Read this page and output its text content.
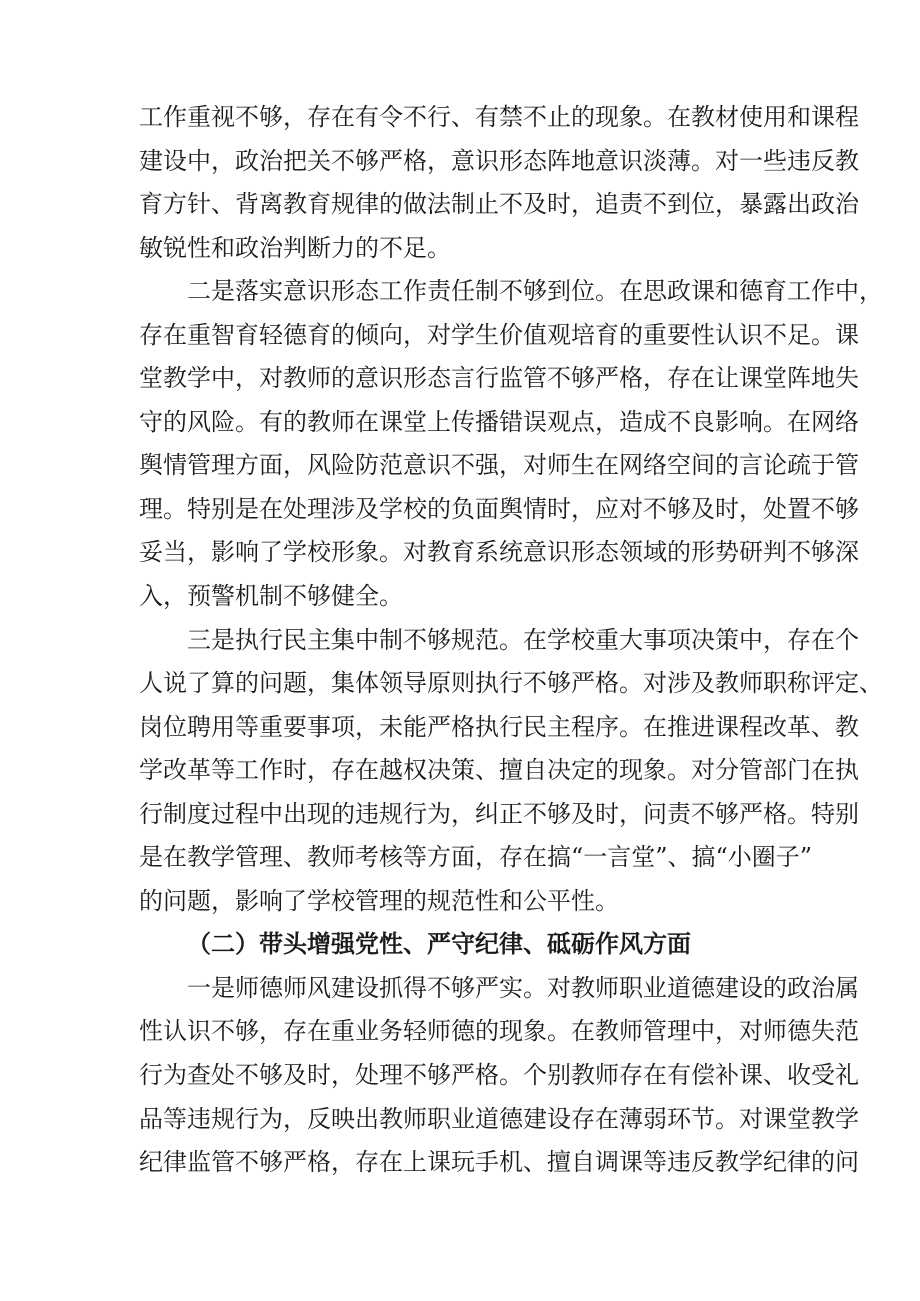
工作重视不够，存在有令不行、有禁不止的现象。在教材使用和课程
建设中，政治把关不够严格，意识形态阵地意识淡薄。对一些违反教
育方针、背离教育规律的做法制止不及时，追责不到位，暴露出政治
敏锐性和政治判断力的不足。
二是落实意识形态工作责任制不够到位。在思政课和德育工作中，
存在重智育轻德育的倾向，对学生价值观培育的重要性认识不足。课
堂教学中，对教师的意识形态言行监管不够严格，存在让课堂阵地失
守的风险。有的教师在课堂上传播错误观点，造成不良影响。在网络
舆情管理方面，风险防范意识不强，对师生在网络空间的言论疏于管
理。特别是在处理涉及学校的负面舆情时，应对不够及时，处置不够
妥当，影响了学校形象。对教育系统意识形态领域的形势研判不够深
入，预警机制不够健全。
三是执行民主集中制不够规范。在学校重大事项决策中，存在个
人说了算的问题，集体领导原则执行不够严格。对涉及教师职称评定、
岗位聘用等重要事项，未能严格执行民主程序。在推进课程改革、教
学改革等工作时，存在越权决策、擅自决定的现象。对分管部门在执
行制度过程中出现的违规行为，纠正不够及时，问责不够严格。特别
是在教学管理、教师考核等方面，存在搞“一言堂”、搞“小圈子”
的问题，影响了学校管理的规范性和公平性。
（二）带头增强党性、严守纪律、砥砺作风方面
一是师德师风建设抓得不够严实。对教师职业道德建设的政治属
性认识不够，存在重业务轻师德的现象。在教师管理中，对师德失范
行为查处不够及时，处理不够严格。个别教师存在有偿补课、收受礼
品等违规行为，反映出教师职业道德建设存在薄弱环节。对课堂教学
纪律监管不够严格，存在上课玩手机、擅自调课等违反教学纪律的问
